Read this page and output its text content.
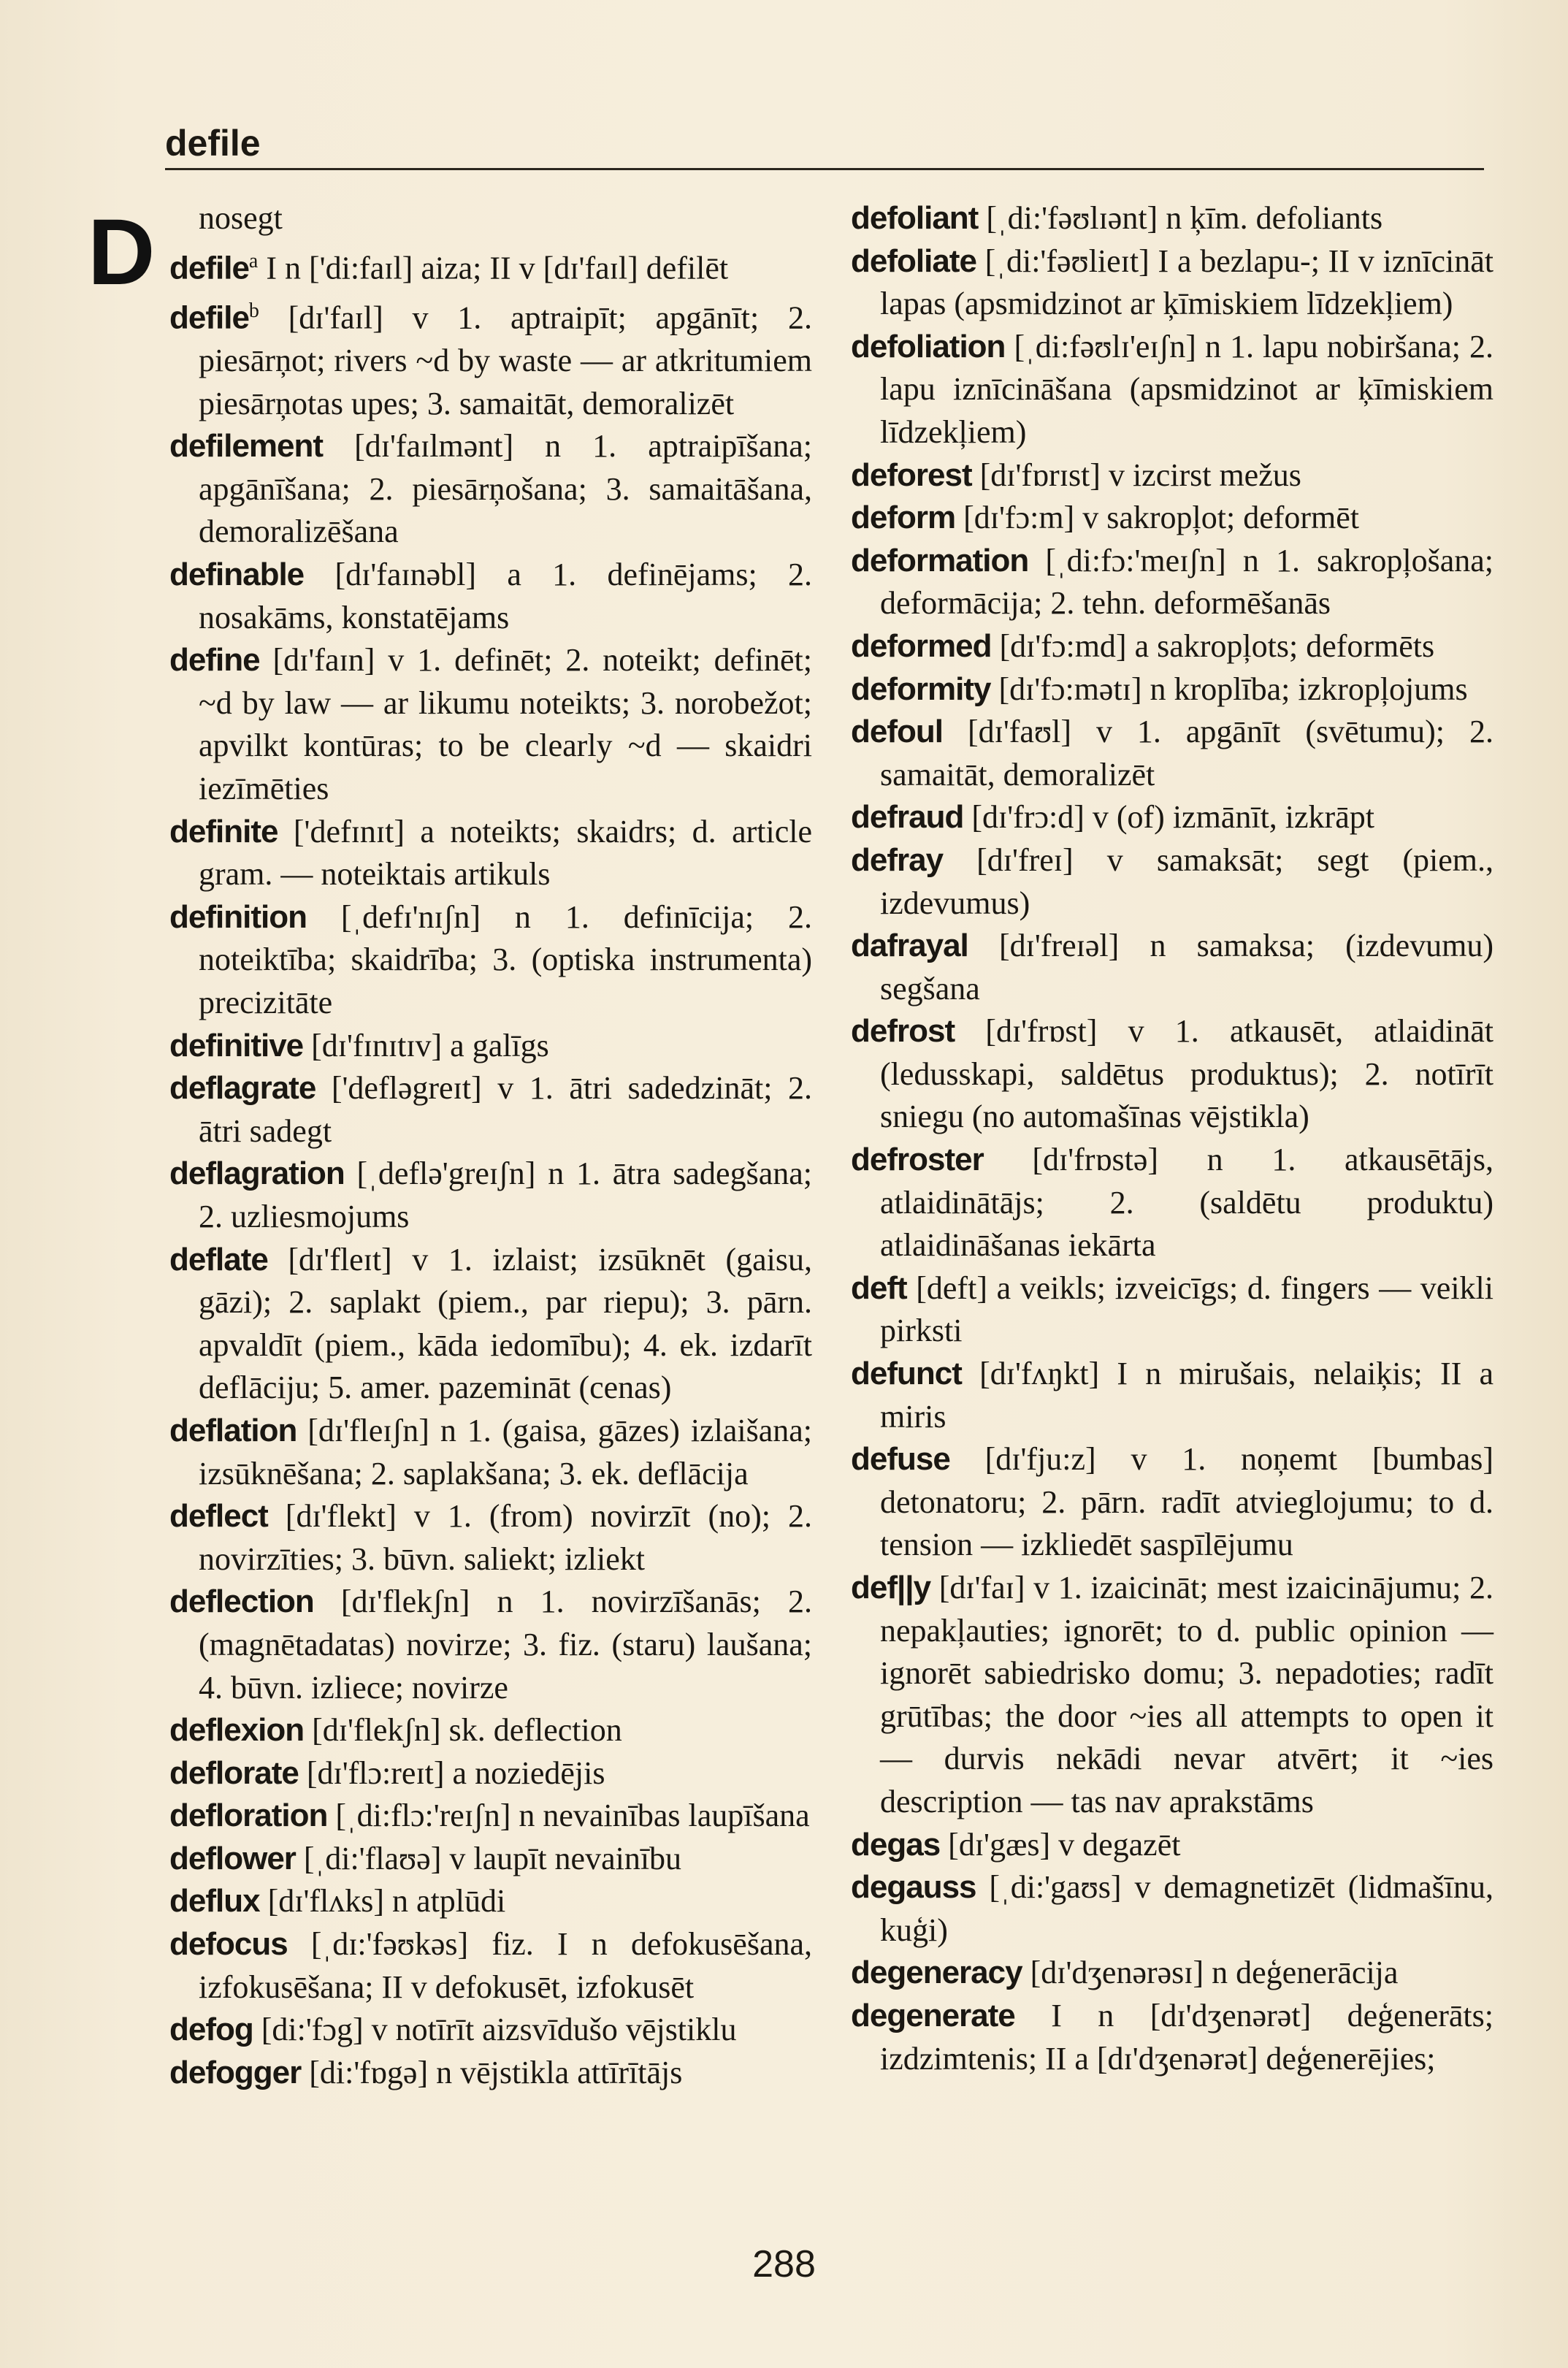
defile
D	nosegt

defile$^a$ I n ['di:faɪl] aiza; II v [dɪ'faɪl] defilēt

defile$^b$ [dɪ'faɪl] v 1. aptraipīt; apgānīt; 2. piesārņot; rivers ~d by waste — ar atkritumiem piesārņotas upes; 3. samaitāt, demoralizēt

defilement [dɪ'faɪlmənt] n 1. aptraipīšana; apgānīšana; 2. piesārņošana; 3. samaitāšana, demoralizēšana

definable [dɪ'faɪnəbl] a 1. definējams; 2. nosakāms, konstatējams

define [dɪ'faɪn] v 1. definēt; 2. noteikt; definēt; ~d by law — ar likumu noteikts; 3. norobežot; apvilkt kontūras; to be clearly ~d — skaidri iezīmēties

definite ['defɪnɪt] a noteikts; skaidrs; d. article gram. — noteiktais artikuls

definition [ˌdefɪ'nɪʃn] n 1. definīcija; 2. noteiktība; skaidrība; 3. (optiska instrumenta) precizitāte

definitive [dɪ'fɪnɪtɪv] a galīgs

deflagrate ['defləgreɪt] v 1. ātri sadedzināt; 2. ātri sadegt

deflagration [ˌdeflə'greɪʃn] n 1. ātra sadegšana; 2. uzliesmojums

deflate [dɪ'fleɪt] v 1. izlaist; izsūknēt (gaisu, gāzi); 2. saplakt (piem., par riepu); 3. pārn. apvaldīt (piem., kāda iedomību); 4. ek. izdarīt deflāciju; 5. amer. pazemināt (cenas)

deflation [dɪ'fleɪʃn] n 1. (gaisa, gāzes) izlaišana; izsūknēšana; 2. saplakšana; 3. ek. deflācija

deflect [dɪ'flekt] v 1. (from) novirzīt (no); 2. novirzīties; 3. būvn. saliekt; izliekt

deflection [dɪ'flekʃn] n 1. novirzīšanās; 2. (magnētadatas) novirze; 3. fiz. (staru) laušana; 4. būvn. izliece; novirze

deflexion [dɪ'flekʃn] sk. deflection

deflorate [dɪ'flɔ:reɪt] a noziedējis

defloration [ˌdi:flɔ:'reɪʃn] n nevainības laupīšana

deflower [ˌdi:'flaʊə] v laupīt nevainību

deflux [dɪ'flʌks] n atplūdi

defocus [ˌdɪ:'fəʊkəs] fiz. I n defokusēšana, izfokusēšana; II v defokusēt, izfokusēt

defog [di:'fɔg] v notīrīt aizsvīdušo vējstiklu

defogger [di:'fɒgə] n vējstikla attīrītājs

defoliant [ˌdi:'fəʊlɪənt] n ķīm. defoliants

defoliate [ˌdi:'fəʊlieɪt] I a bezlapu-; II v iznīcināt lapas (apsmidzinot ar ķīmiskiem līdzekļiem)

defoliation [ˌdi:fəʊlɪ'eɪʃn] n 1. lapu nobiršana; 2. lapu iznīcināšana (apsmidzinot ar ķīmiskiem līdzekļiem)

deforest [dɪ'fɒrɪst] v izcirst mežus

deform [dɪ'fɔ:m] v sakropļot; deformēt

deformation [ˌdi:fɔ:'meɪʃn] n 1. sakropļošana; deformācija; 2. tehn. deformēšanās

deformed [dɪ'fɔ:md] a sakropļots; deformēts

deformity [dɪ'fɔ:mətɪ] n kroplība; izkropļojums

defoul [dɪ'faʊl] v 1. apgānīt (svētumu); 2. samaitāt, demoralizēt

defraud [dɪ'frɔ:d] v (of) izmānīt, izkrāpt

defray [dɪ'freɪ] v samaksāt; segt (piem., izdevumus)

dafrayal [dɪ'freɪəl] n samaksa; (izdevumu) segšana

defrost [dɪ'frɒst] v 1. atkausēt, atlaidināt (ledusskapi, saldētus produktus); 2. notīrīt sniegu (no automašīnas vējstikla)

defroster [dɪ'frɒstə] n 1. atkausētājs, atlaidinātājs; 2. (saldētu produktu) atlaidināšanas iekārta

deft [deft] a veikls; izveicīgs; d. fingers — veikli pirksti

defunct [dɪ'fʌŋkt] I n mirušais, nelaiķis; II a miris

defuse [dɪ'fju:z] v 1. noņemt [bumbas] detonatoru; 2. pārn. radīt atvieglojumu; to d. tension — izkliedēt saspīlējumu

def||y [dɪ'faɪ] v 1. izaicināt; mest izaicinājumu; 2. nepakļauties; ignorēt; to d. public opinion — ignorēt sabiedrisko domu; 3. nepadoties; radīt grūtības; the door ~ies all attempts to open it — durvis nekādi nevar atvērt; it ~ies description — tas nav aprakstāms

degas [dɪ'gæs] v degazēt

degauss [ˌdi:'gaʊs] v demagnetizēt (lidmašīnu, kuģi)

degeneracy [dɪ'dʒenərəsɪ] n deģenerācija

degenerate I n [dɪ'dʒenərət] deģenerāts; izdzimtenis; II a [dɪ'dʒenərət] deģenerējies;

288
